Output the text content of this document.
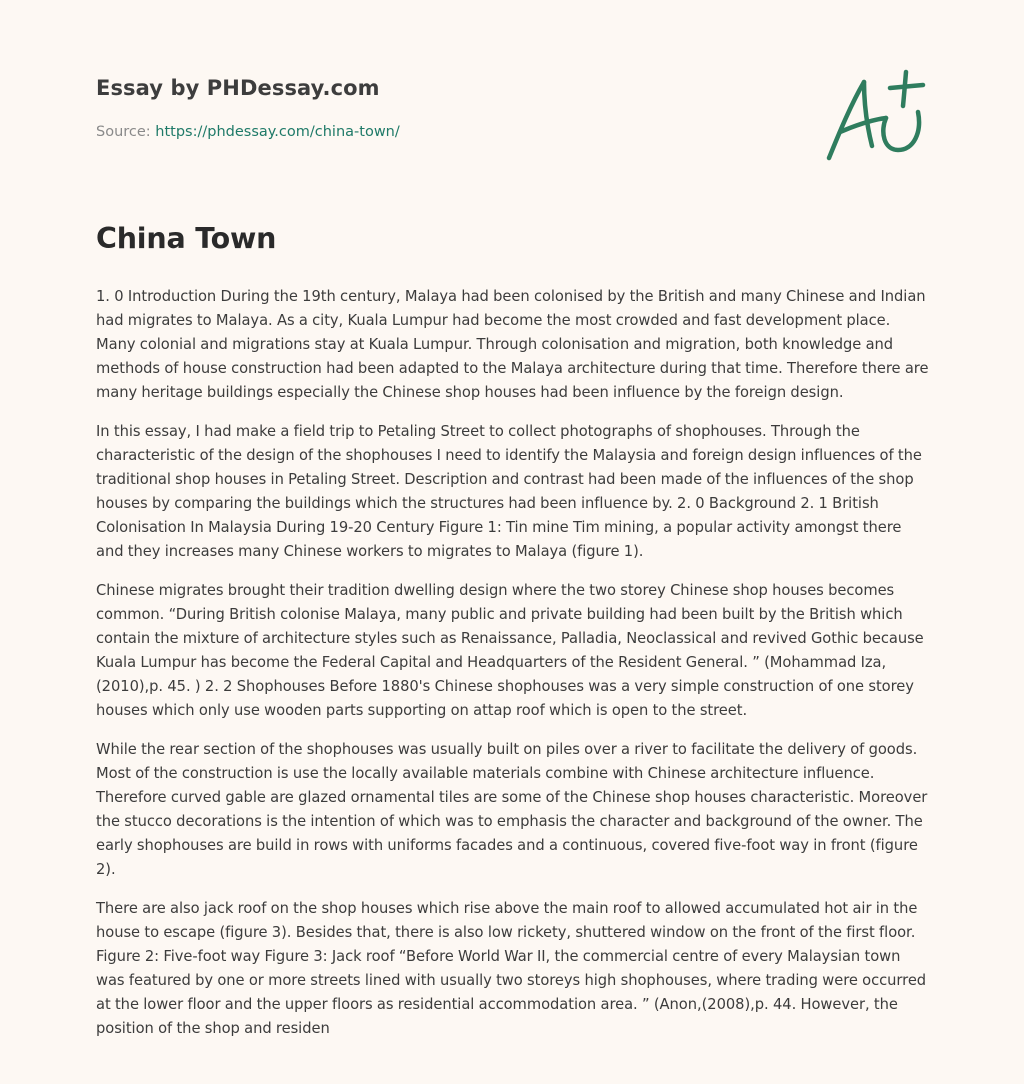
Essay by PHDessay.com
Source: https://phdessay.com/china-town/
China Town

1. 0 Introduction During the 19th century, Malaya had been colonised by the British and many Chinese and Indian had migrates to Malaya. As a city, Kuala Lumpur had become the most crowded and fast development place. Many colonial and migrations stay at Kuala Lumpur. Through colonisation and migration, both knowledge and methods of house construction had been adapted to the Malaya architecture during that time. Therefore there are many heritage buildings especially the Chinese shop houses had been influence by the foreign design.

In this essay, I had make a field trip to Petaling Street to collect photographs of shophouses. Through the characteristic of the design of the shophouses I need to identify the Malaysia and foreign design influences of the traditional shop houses in Petaling Street. Description and contrast had been made of the influences of the shop houses by comparing the buildings which the structures had been influence by. 2. 0 Background 2. 1 British Colonisation In Malaysia During 19-20 Century Figure 1: Tin mine Tim mining, a popular activity amongst there and they increases many Chinese workers to migrates to Malaya (figure 1).

Chinese migrates brought their tradition dwelling design where the two storey Chinese shop houses becomes common. “During British colonise Malaya, many public and private building had been built by the British which contain the mixture of architecture styles such as Renaissance, Palladia, Neoclassical and revived Gothic because Kuala Lumpur has become the Federal Capital and Headquarters of the Resident General. ” (Mohammad Iza,(2010),p. 45. ) 2. 2 Shophouses Before 1880's Chinese shophouses was a very simple construction of one storey houses which only use wooden parts supporting on attap roof which is open to the street.

While the rear section of the shophouses was usually built on piles over a river to facilitate the delivery of goods. Most of the construction is use the locally available materials combine with Chinese architecture influence. Therefore curved gable are glazed ornamental tiles are some of the Chinese shop houses characteristic. Moreover the stucco decorations is the intention of which was to emphasis the character and background of the owner. The early shophouses are build in rows with uniforms facades and a continuous, covered five-foot way in front (figure 2).

There are also jack roof on the shop houses which rise above the main roof to allowed accumulated hot air in the house to escape (figure 3). Besides that, there is also low rickety, shuttered window on the front of the first floor. Figure 2: Five-foot way Figure 3: Jack roof “Before World War II, the commercial centre of every Malaysian town was featured by one or more streets lined with usually two storeys high shophouses, where trading were occurred at the lower floor and the upper floors as residential accommodation area. ” (Anon,(2008),p. 44. However, the position of the shop and residen
